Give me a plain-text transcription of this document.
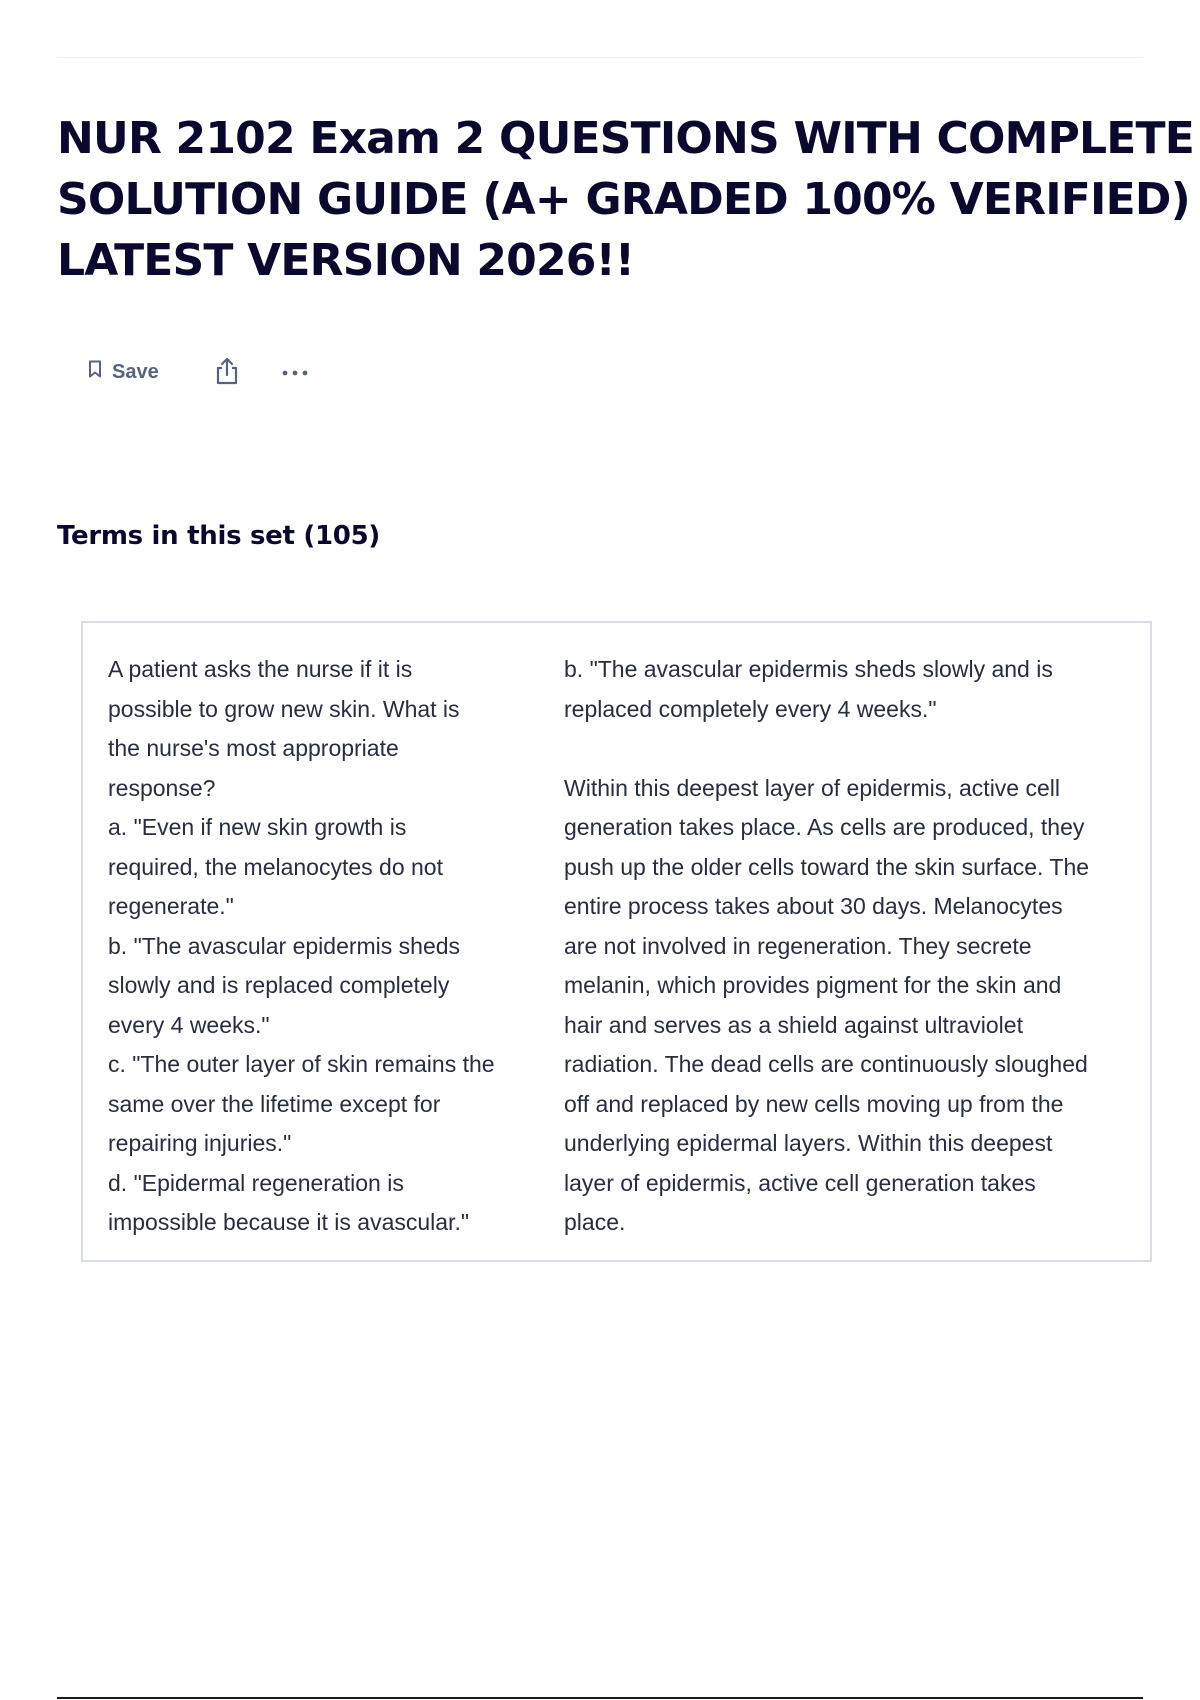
NUR 2102 Exam 2 QUESTIONS WITH COMPLETE
SOLUTION GUIDE (A+ GRADED 100% VERIFIED)
LATEST VERSION 2026!!
Save
Terms in this set (105)
A patient asks the nurse if it is
possible to grow new skin. What is
the nurse's most appropriate
response?
a. "Even if new skin growth is
required, the melanocytes do not
regenerate."
b. "The avascular epidermis sheds
slowly and is replaced completely
every 4 weeks."
c. "The outer layer of skin remains the
same over the lifetime except for
repairing injuries."
d. "Epidermal regeneration is
impossible because it is avascular."
b. "The avascular epidermis sheds slowly and is
replaced completely every 4 weeks."
Within this deepest layer of epidermis, active cell
generation takes place. As cells are produced, they
push up the older cells toward the skin surface. The
entire process takes about 30 days. Melanocytes
are not involved in regeneration. They secrete
melanin, which provides pigment for the skin and
hair and serves as a shield against ultraviolet
radiation. The dead cells are continuously sloughed
off and replaced by new cells moving up from the
underlying epidermal layers. Within this deepest
layer of epidermis, active cell generation takes
place.
